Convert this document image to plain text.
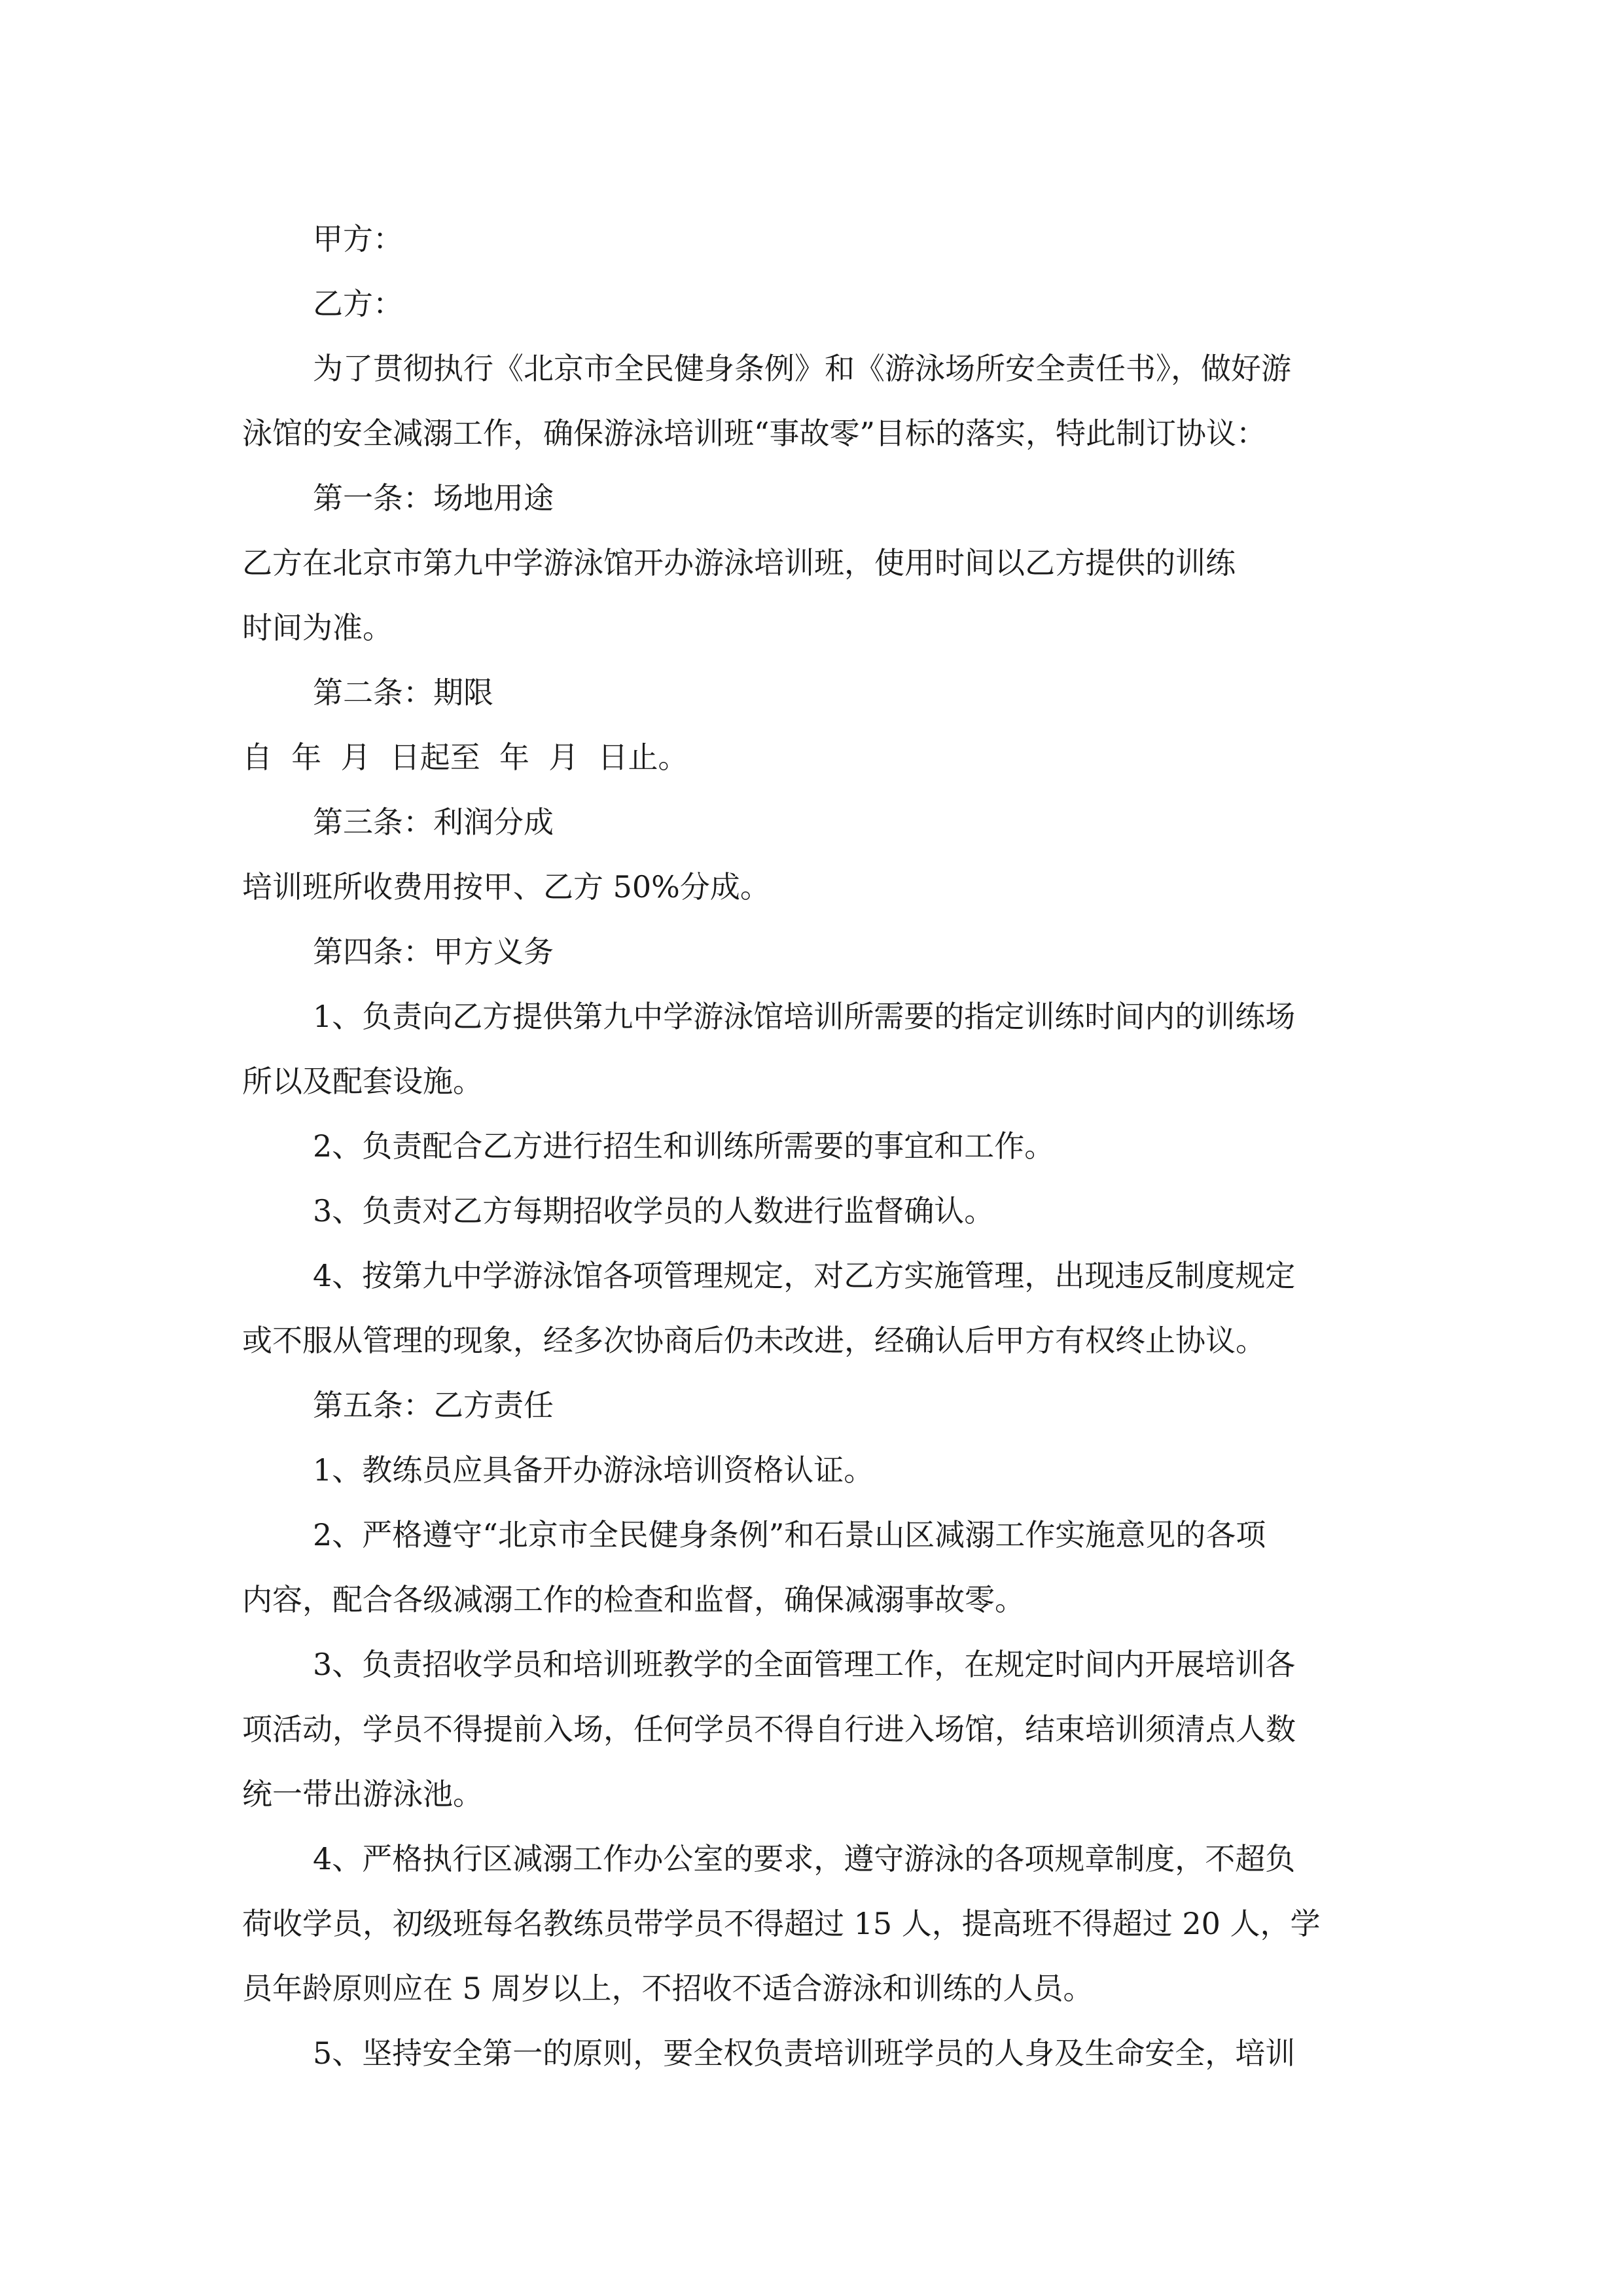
甲方：
乙方：
为了贯彻执行《北京市全民健身条例》和《游泳场所安全责任书》，做好游
泳馆的安全减溺工作，确保游泳培训班“事故零”目标的落实，特此制订协议：
第一条：场地用途
乙方在北京市第九中学游泳馆开办游泳培训班，使用时间以乙方提供的训练
时间为准。
第二条：期限
自  年  月  日起至  年  月  日止。
第三条：利润分成
培训班所收费用按甲、乙方 50%分成。
第四条：甲方义务
1、负责向乙方提供第九中学游泳馆培训所需要的指定训练时间内的训练场
所以及配套设施。
2、负责配合乙方进行招生和训练所需要的事宜和工作。
3、负责对乙方每期招收学员的人数进行监督确认。
4、按第九中学游泳馆各项管理规定，对乙方实施管理，出现违反制度规定
或不服从管理的现象，经多次协商后仍未改进，经确认后甲方有权终止协议。
第五条：乙方责任
1、教练员应具备开办游泳培训资格认证。
2、严格遵守“北京市全民健身条例”和石景山区减溺工作实施意见的各项
内容，配合各级减溺工作的检查和监督，确保减溺事故零。
3、负责招收学员和培训班教学的全面管理工作，在规定时间内开展培训各
项活动，学员不得提前入场，任何学员不得自行进入场馆，结束培训须清点人数
统一带出游泳池。
4、严格执行区减溺工作办公室的要求，遵守游泳的各项规章制度，不超负
荷收学员，初级班每名教练员带学员不得超过 15 人，提高班不得超过 20 人，学
员年龄原则应在 5 周岁以上，不招收不适合游泳和训练的人员。
5、坚持安全第一的原则，要全权负责培训班学员的人身及生命安全，培训
